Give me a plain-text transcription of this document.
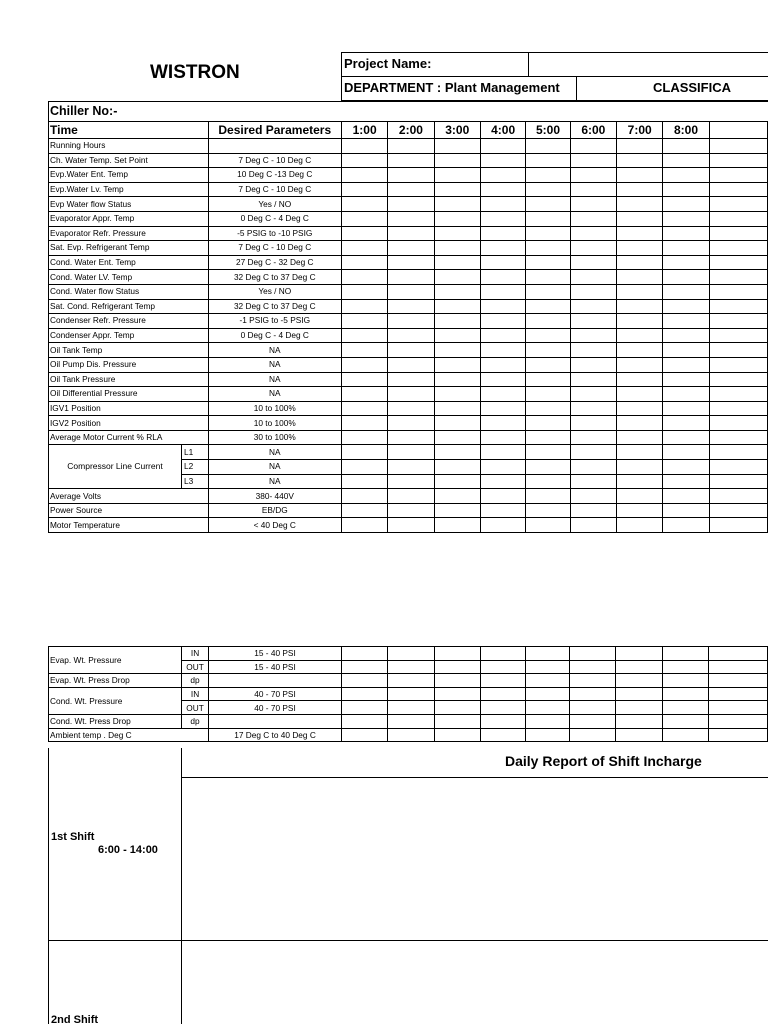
WISTRON	Project Name:
DEPARTMENT : Plant Management	CLASSIFICA
Chiller No:-
Time		Desired Parameters	1:00	2:00	3:00	4:00	5:00	6:00	7:00	8:00	
Running Hours											
Ch. Water Temp. Set Point		7 Deg C - 10 Deg C									
Evp.Water Ent. Temp		10 Deg C -13 Deg C									
Evp.Water Lv. Temp		7 Deg C - 10 Deg C									
Evp Water flow Status		Yes / NO									
Evaporator Appr. Temp		0 Deg C - 4 Deg C									
Evaporator Refr. Pressure		-5 PSIG to -10 PSIG									
Sat. Evp. Refrigerant Temp		7 Deg C - 10 Deg C									
Cond. Water Ent. Temp		27 Deg C - 32 Deg C									
Cond. Water LV. Temp		32 Deg C to 37 Deg C									
Cond. Water flow Status		Yes / NO									
Sat. Cond. Refrigerant Temp		32 Deg C to 37 Deg C									
Condenser Refr. Pressure		-1 PSIG to -5 PSIG									
Condenser Appr. Temp		0 Deg C - 4 Deg C									
Oil Tank Temp		NA									
Oil Pump Dis. Pressure		NA									
Oil Tank Pressure		NA									
Oil Differential Pressure		NA									
IGV1 Position		10 to 100%									
IGV2 Position		10 to 100%									
Average Motor Current % RLA		30 to 100%									
Compressor Line Current	L1	NA									
	L2	NA									
	L3	NA									
Average Volts		380- 440V									
Power Source		EB/DG									
Motor Temperature		< 40 Deg C									
Evap. Wt. Pressure	IN	15 - 40 PSI									
	OUT	15 - 40 PSI									
Evap. Wt. Press Drop	dp										
Cond. Wt. Pressure	IN	40 - 70 PSI									
	OUT	40 - 70 PSI									
Cond. Wt. Press Drop	dp										
Ambient temp . Deg C		17 Deg C to 40 Deg C									
Daily Report of Shift Incharge
1st Shift
6:00 - 14:00
2nd Shift
